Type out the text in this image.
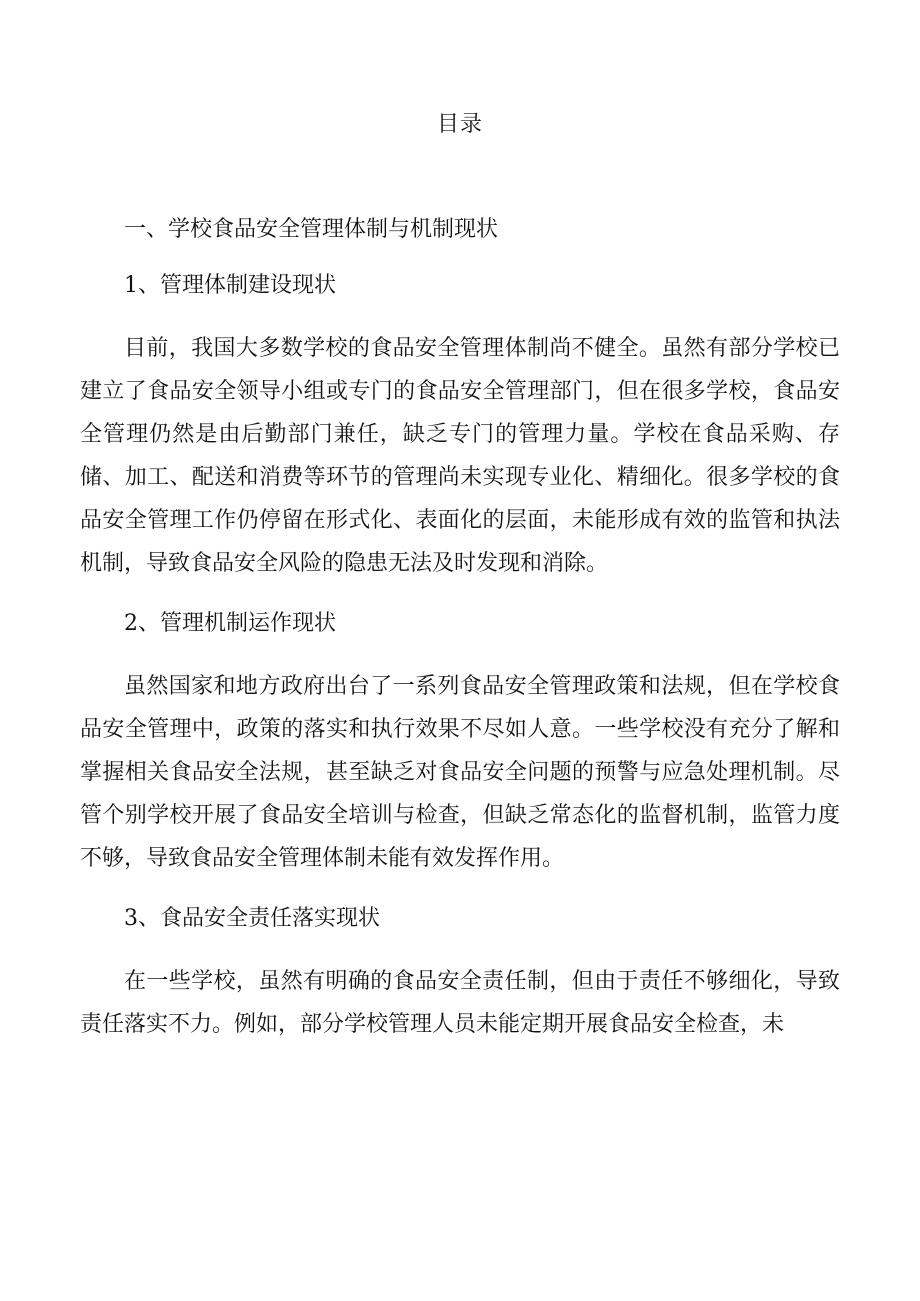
目录
一、学校食品安全管理体制与机制现状
1、管理体制建设现状
目前，我国大多数学校的食品安全管理体制尚不健全。虽然有部分学校已建立了食品安全领导小组或专门的食品安全管理部门，但在很多学校，食品安全管理仍然是由后勤部门兼任，缺乏专门的管理力量。学校在食品采购、存储、加工、配送和消费等环节的管理尚未实现专业化、精细化。很多学校的食品安全管理工作仍停留在形式化、表面化的层面，未能形成有效的监管和执法机制，导致食品安全风险的隐患无法及时发现和消除。
2、管理机制运作现状
虽然国家和地方政府出台了一系列食品安全管理政策和法规，但在学校食品安全管理中，政策的落实和执行效果不尽如人意。一些学校没有充分了解和掌握相关食品安全法规，甚至缺乏对食品安全问题的预警与应急处理机制。尽管个别学校开展了食品安全培训与检查，但缺乏常态化的监督机制，监管力度不够，导致食品安全管理体制未能有效发挥作用。
3、食品安全责任落实现状
在一些学校，虽然有明确的食品安全责任制，但由于责任不够细化，导致责任落实不力。例如，部分学校管理人员未能定期开展食品安全检查，未
